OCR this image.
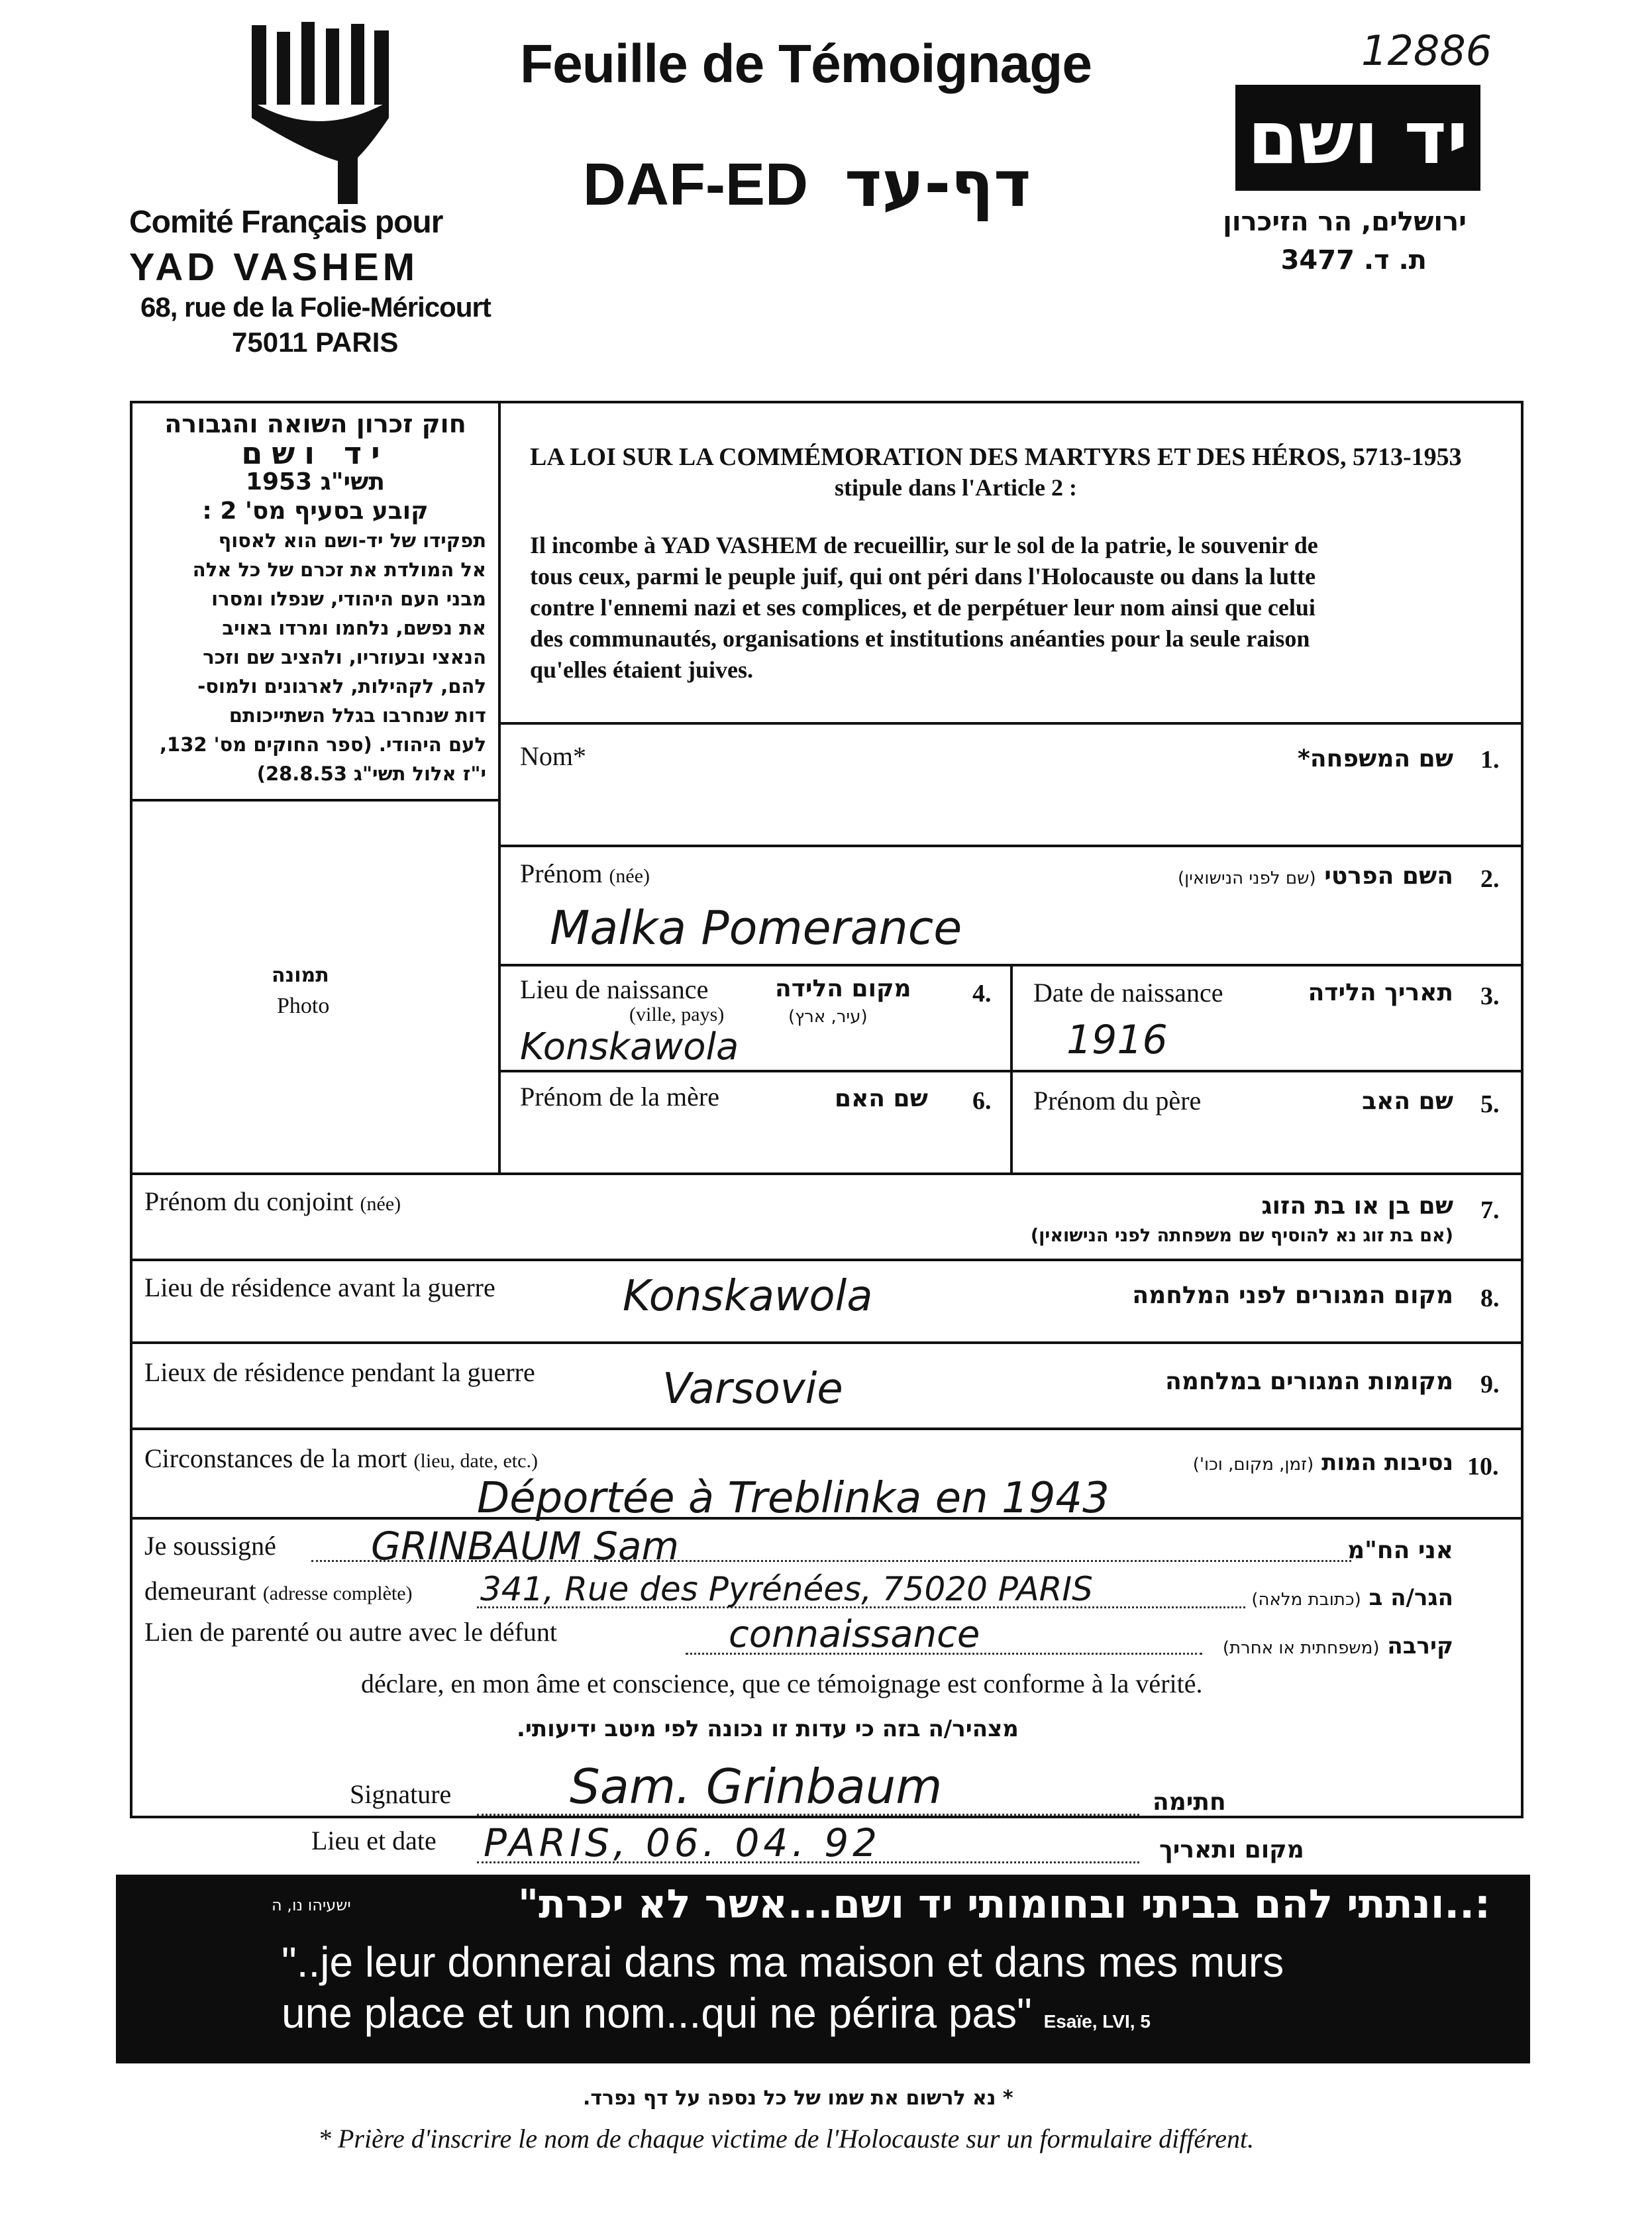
12886
Comité Français pour
YAD VASHEM
68, rue de la Folie-Méricourt
75011 PARIS
Feuille de Témoignage
DAF-ED דף-עד
יד ושם
ירושלים, הר הזיכרון
ת. ד. 3477
חוק זכרון השואה והגבורה
יד ושם
תשי"ג 1953
קובע בסעיף מס' 2 :
תפקידו של יד-ושם הוא לאסוף
אל המולדת את זכרם של כל אלה
מבני העם היהודי, שנפלו ומסרו
את נפשם, נלחמו ומרדו באויב
הנאצי ובעוזריו, ולהציב שם וזכר
להם, לקהילות, לארגונים ולמוס-
דות שנחרבו בגלל השתייכותם
לעם היהודי. (ספר החוקים מס' 132,
י"ז אלול תשי"ג 28.8.53)
LA LOI SUR LA COMMÉMORATION DES MARTYRS ET DES HÉROS, 5713-1953
stipule dans l'Article 2 :
Il incombe à YAD VASHEM de recueillir, sur le sol de la patrie, le souvenir de
tous ceux, parmi le peuple juif, qui ont péri dans l'Holocauste ou dans la lutte
contre l'ennemi nazi et ses complices, et de perpétuer leur nom ainsi que celui
des communautés, organisations et institutions anéanties pour la seule raison
qu'elles étaient juives.
תמונה
Photo
Nom*	שם המשפחה* 1.
Prénom (née)	השם הפרטי (שם לפני הנישואין)	2.
Malka Pomerance
Lieu de naissance
(ville, pays)
מקום הלידה
(עיר, ארץ)
4.
Konskawola
Date de naissance	תאריך הלידה 3.
1916
Prénom de la mère	שם האם 6. Prénom du père	שם האב 5.
Prénom du conjoint (née)	שם בן או בת הזוג
(אם בת זוג נא להוסיף שם משפחתה לפני הנישואין)
7.
Lieu de résidence avant la guerre	מקום המגורים לפני המלחמה 8.
Konskawola
Lieux de résidence pendant la guerre	מקומות המגורים במלחמה 9.
Varsovie
Circonstances de la mort (lieu, date, etc.)	נסיבות המות (זמן, מקום, וכו')	10.
Déportée à Treblinka en 1943
Je soussigné GRINBAUM Sam	אני הח"מ
demeurant (adresse complète) 341, Rue des Pyrénées, 75020 PARIS	הגר/ה ב (כתובת מלאה)
Lien de parenté ou autre avec le défunt	connaissance	קירבה (משפחתית או אחרת)
déclare, en mon âme et conscience, que ce témoignage est conforme à la vérité.
מצהיר/ה בזה כי עדות זו נכונה לפי מיטב ידיעותי.
Signature Sam. Grinbaum	חתימה
Lieu et date PARIS, 06. 04. 92	מקום ותאריך
:..ונתתי להם בביתי ובחומותי יד ושם...אשר לא יכרת"
ישעיהו נו, ה
"..je leur donnerai dans ma maison et dans mes murs
une place et un nom...qui ne périra pas" Esaïe, LVI, 5
* נא לרשום את שמו של כל נספה על דף נפרד.
* Prière d'inscrire le nom de chaque victime de l'Holocauste sur un formulaire différent.
